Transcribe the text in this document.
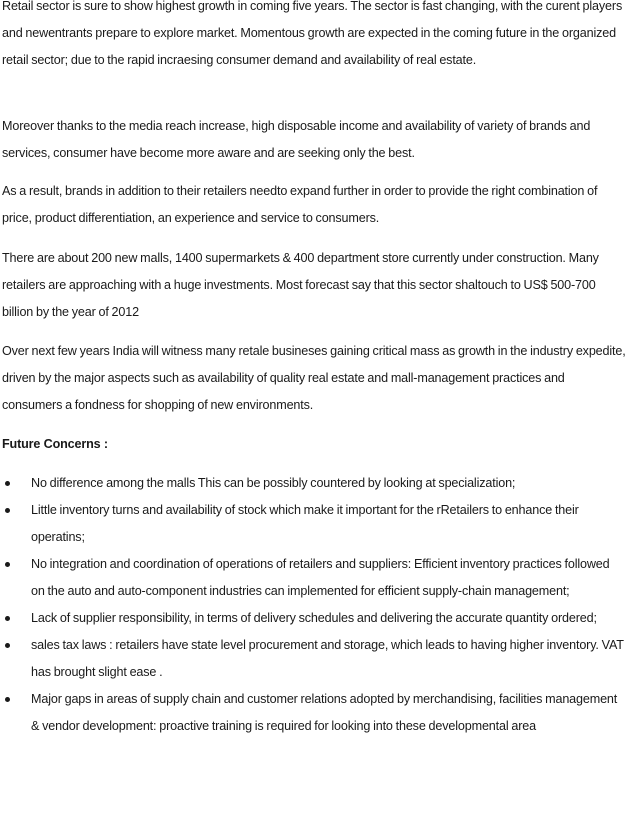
Retail sector is sure to show highest growth in coming five years. The sector is fast changing, with the curent players and newentrants prepare to explore market. Momentous growth are expected in the coming future in the organized retail sector; due to the rapid incraesing consumer demand and availability of real estate.

Moreover thanks to the media reach increase, high disposable income and availability of variety of brands and services, consumer have become more aware and are seeking only the best.

As a result, brands in addition to their retailers needto expand further in order to provide the right combination of price, product differentiation, an experience and service to consumers.

There are about 200 new malls, 1400 supermarkets & 400 department store currently under construction. Many retailers are approaching with a huge investments. Most forecast say that this sector shaltouch to US$ 500-700 billion by the year of 2012

Over next few years India will witness many retale busineses gaining critical mass as growth in the industry expedite, driven by the major aspects such as availability of quality real estate and mall-management practices and consumers a fondness for shopping of new environments.

Future Concerns :
No difference among the malls This can be possibly countered by looking at specialization;
Little inventory turns and availability of stock which make it important for the rRetailers to enhance their operatins;
No integration and coordination of operations of retailers and suppliers: Efficient inventory practices followed on the auto and auto-component industries can implemented for efficient supply-chain management;
Lack of supplier responsibility, in terms of delivery schedules and delivering the accurate quantity ordered;
sales tax laws : retailers have state level procurement and storage, which leads to having higher inventory. VAT has brought slight ease .
Major gaps in areas of supply chain and customer relations adopted by merchandising, facilities management & vendor development: proactive training is required for looking into these developmental area
